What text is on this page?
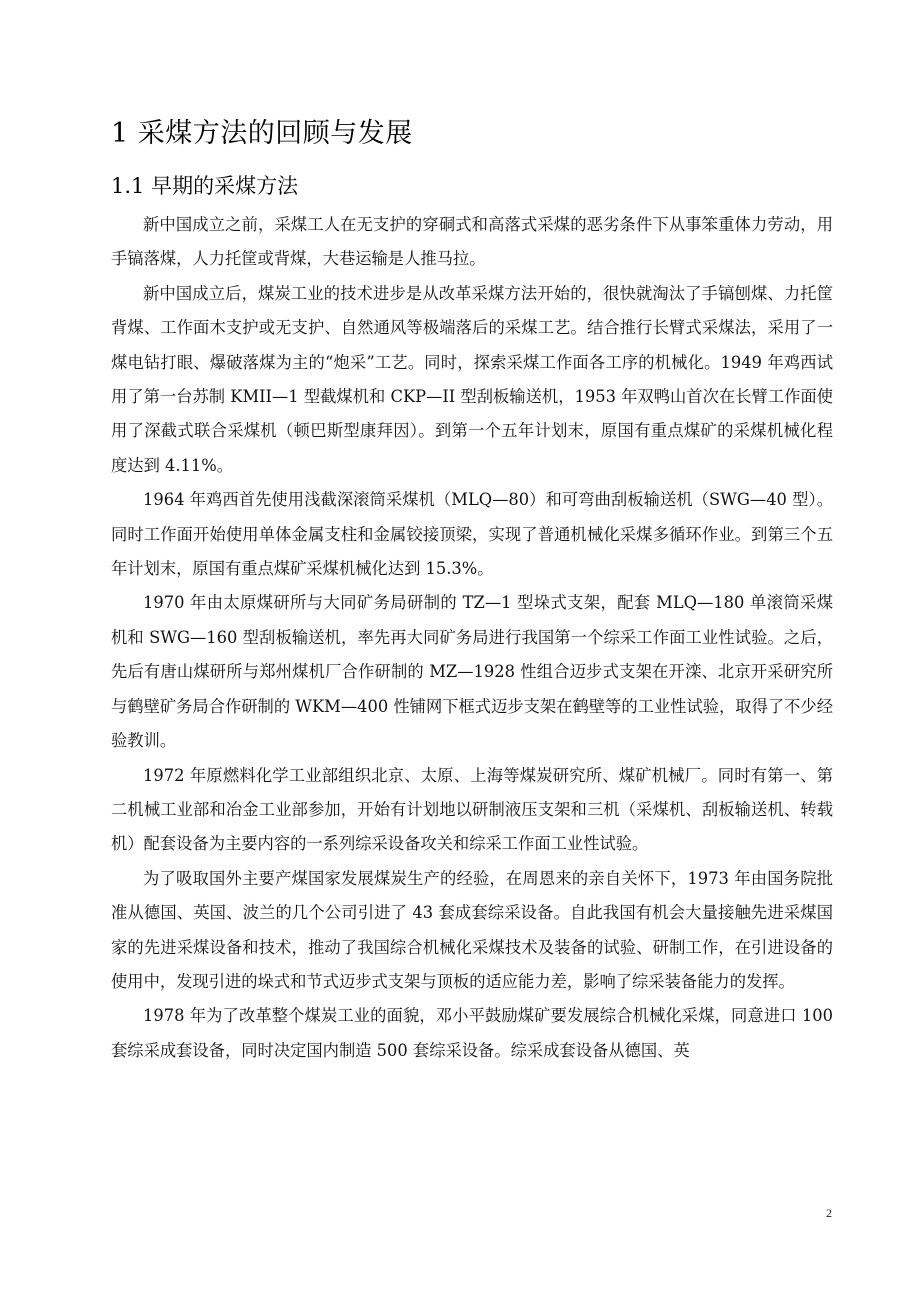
1 采煤方法的回顾与发展
1.1 早期的采煤方法

新中国成立之前，采煤工人在无支护的穿硐式和高落式采煤的恶劣条件下从事笨重体力劳动，用手镐落煤，人力托筐或背煤，大巷运输是人推马拉。

新中国成立后，煤炭工业的技术进步是从改革采煤方法开始的，很快就淘汰了手镐刨煤、力托筐背煤、工作面木支护或无支护、自然通风等极端落后的采煤工艺。结合推行长臂式采煤法，采用了一煤电钻打眼、爆破落煤为主的“炮采”工艺。同时，探索采煤工作面各工序的机械化。1949 年鸡西试用了第一台苏制 KMII—1 型截煤机和 CKP—II 型刮板输送机，1953 年双鸭山首次在长臂工作面使用了深截式联合采煤机（顿巴斯型康拜因）。到第一个五年计划末，原国有重点煤矿的采煤机械化程度达到 4.11%。

1964 年鸡西首先使用浅截深滚筒采煤机（MLQ—80）和可弯曲刮板输送机（SWG—40 型）。同时工作面开始使用单体金属支柱和金属铰接顶梁，实现了普通机械化采煤多循环作业。到第三个五年计划末，原国有重点煤矿采煤机械化达到 15.3%。

1970 年由太原煤研所与大同矿务局研制的 TZ—1 型垛式支架，配套 MLQ—180 单滚筒采煤机和 SWG—160 型刮板输送机，率先再大同矿务局进行我国第一个综采工作面工业性试验。之后，先后有唐山煤研所与郑州煤机厂合作研制的 MZ—1928 性组合迈步式支架在开滦、北京开采研究所与鹤壁矿务局合作研制的 WKM—400 性铺网下框式迈步支架在鹤壁等的工业性试验，取得了不少经验教训。

1972 年原燃料化学工业部组织北京、太原、上海等煤炭研究所、煤矿机械厂。同时有第一、第二机械工业部和冶金工业部参加，开始有计划地以研制液压支架和三机（采煤机、刮板输送机、转载机）配套设备为主要内容的一系列综采设备攻关和综采工作面工业性试验。

为了吸取国外主要产煤国家发展煤炭生产的经验，在周恩来的亲自关怀下，1973 年由国务院批准从德国、英国、波兰的几个公司引进了 43 套成套综采设备。自此我国有机会大量接触先进采煤国家的先进采煤设备和技术，推动了我国综合机械化采煤技术及装备的试验、研制工作，在引进设备的使用中，发现引进的垛式和节式迈步式支架与顶板的适应能力差，影响了综采装备能力的发挥。

1978 年为了改革整个煤炭工业的面貌，邓小平鼓励煤矿要发展综合机械化采煤，同意进口 100 套综采成套设备，同时决定国内制造 500 套综采设备。综采成套设备从德国、英

2
